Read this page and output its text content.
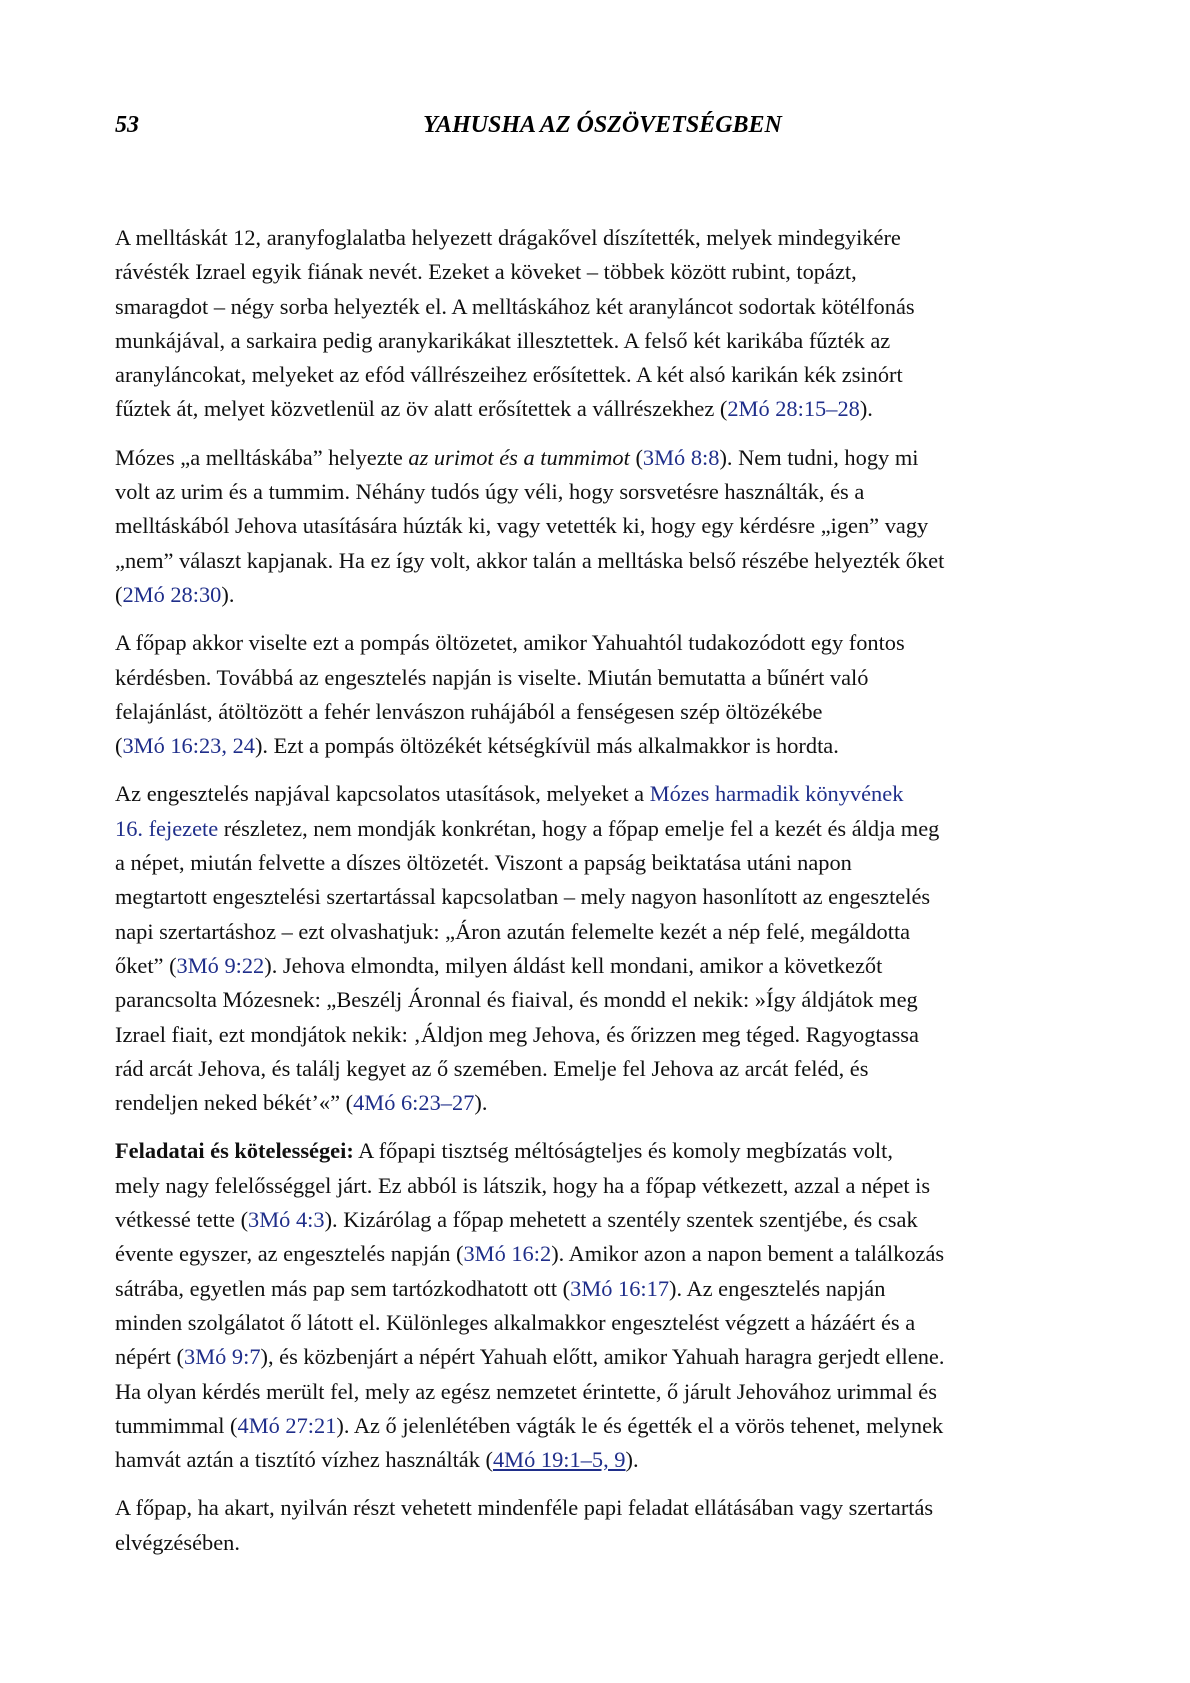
53	YAHUSHA AZ ÓSZÖVETSÉGBEN

A melltáskát 12, aranyfoglalatba helyezett drágakővel díszítették, melyek mindegyikére
rávésték Izrael egyik fiának nevét. Ezeket a köveket – többek között rubint, topázt,
smaragdot – négy sorba helyezték el. A melltáskához két aranyláncot sodortak kötélfonás
munkájával, a sarkaira pedig aranykarikákat illesztettek. A felső két karikába fűzték az
aranyláncokat, melyeket az efód vállrészeihez erősítettek. A két alsó karikán kék zsinórt
fűztek át, melyet közvetlenül az öv alatt erősítettek a vállrészekhez (2Mó 28:15–28).

Mózes „a melltáskába” helyezte az urimot és a tummimot (3Mó 8:8). Nem tudni, hogy mi
volt az urim és a tummim. Néhány tudós úgy véli, hogy sorsvetésre használták, és a
melltáskából Jehova utasítására húzták ki, vagy vetették ki, hogy egy kérdésre „igen” vagy
„nem” választ kapjanak. Ha ez így volt, akkor talán a melltáska belső részébe helyezték őket
(2Mó 28:30).

A főpap akkor viselte ezt a pompás öltözetet, amikor Yahuahtól tudakozódott egy fontos
kérdésben. Továbbá az engesztelés napján is viselte. Miután bemutatta a bűnért való
felajánlást, átöltözött a fehér lenvászon ruhájából a fenségesen szép öltözékébe
(3Mó 16:23, 24). Ezt a pompás öltözékét kétségkívül más alkalmakkor is hordta.

Az engesztelés napjával kapcsolatos utasítások, melyeket a Mózes harmadik könyvének
16. fejezete részletez, nem mondják konkrétan, hogy a főpap emelje fel a kezét és áldja meg
a népet, miután felvette a díszes öltözetét. Viszont a papság beiktatása utáni napon
megtartott engesztelési szertartással kapcsolatban – mely nagyon hasonlított az engesztelés
napi szertartáshoz – ezt olvashatjuk: „Áron azután felemelte kezét a nép felé, megáldotta
őket” (3Mó 9:22). Jehova elmondta, milyen áldást kell mondani, amikor a következőt
parancsolta Mózesnek: „Beszélj Áronnal és fiaival, és mondd el nekik: »Így áldjátok meg
Izrael fiait, ezt mondjátok nekik: ‚Áldjon meg Jehova, és őrizzen meg téged. Ragyogtassa
rád arcát Jehova, és találj kegyet az ő szemében. Emelje fel Jehova az arcát feléd, és
rendeljen neked békét’«” (4Mó 6:23–27).

Feladatai és kötelességei: A főpapi tisztség méltóságteljes és komoly megbízatás volt,
mely nagy felelősséggel járt. Ez abból is látszik, hogy ha a főpap vétkezett, azzal a népet is
vétkessé tette (3Mó 4:3). Kizárólag a főpap mehetett a szentély szentek szentjébe, és csak
évente egyszer, az engesztelés napján (3Mó 16:2). Amikor azon a napon bement a találkozás
sátrába, egyetlen más pap sem tartózkodhatott ott (3Mó 16:17). Az engesztelés napján
minden szolgálatot ő látott el. Különleges alkalmakkor engesztelést végzett a házáért és a
népért (3Mó 9:7), és közbenjárt a népért Yahuah előtt, amikor Yahuah haragra gerjedt ellene.
Ha olyan kérdés merült fel, mely az egész nemzetet érintette, ő járult Jehovához urimmal és
tummimmal (4Mó 27:21). Az ő jelenlétében vágták le és égették el a vörös tehenet, melynek
hamvát aztán a tisztító vízhez használták (4Mó 19:1–5, 9).

A főpap, ha akart, nyilván részt vehetett mindenféle papi feladat ellátásában vagy szertartás
elvégzésében.
